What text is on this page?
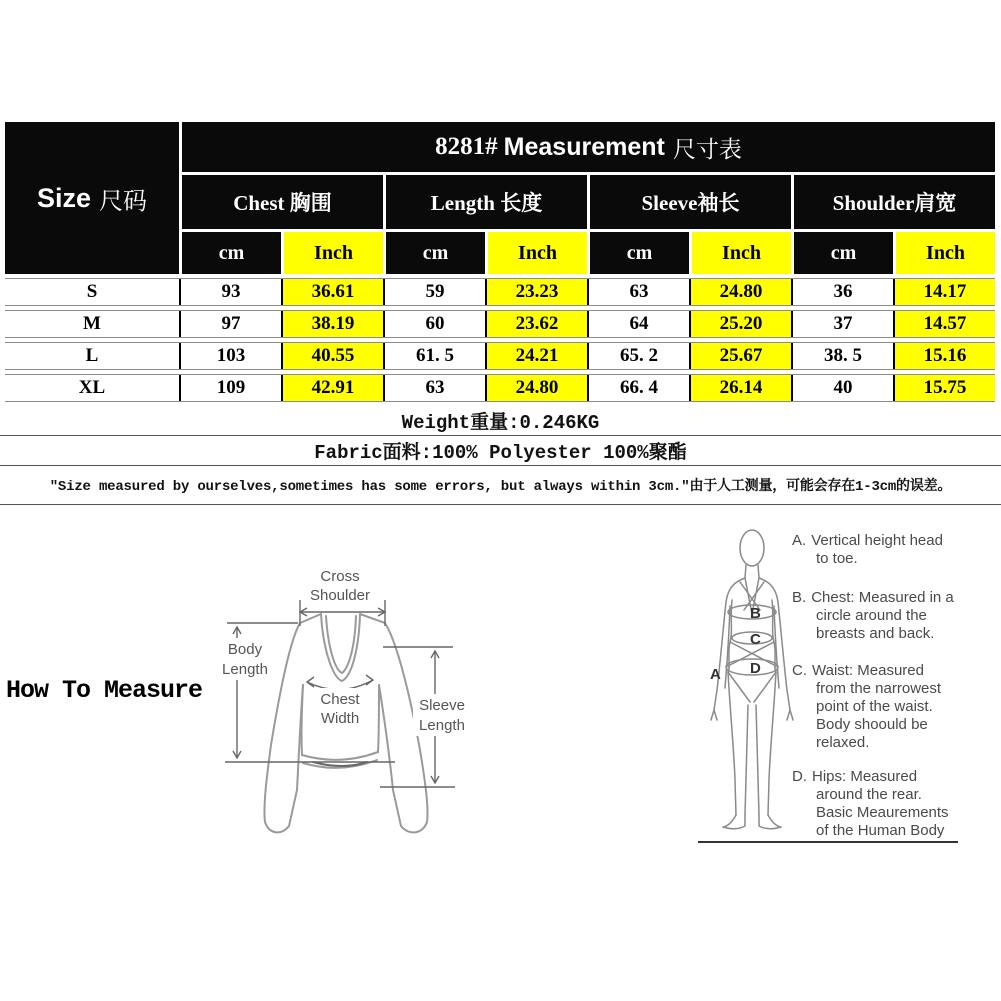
Size 尺码
8281# Measurement 尺寸表
Chest 胸围	Length 长度	Sleeve袖长	Shoulder肩宽
cm	Inch	cm	Inch	cm	Inch	cm	Inch
S	93	36.61	59	23.23	63	24.80	36	14.17
M	97	38.19	60	23.62	64	25.20	37	14.57
L	103	40.55	61. 5	24.21	65. 2	25.67	38. 5	15.16
XL	109	42.91	63	24.80	66. 4	26.14	40	15.75
Weight重量:0.246KG
Fabric面料:100% Polyester 100%聚酯
″Size measured by ourselves,sometimes has some errors, but always within 3cm.″由于人工测量，可能会存在1-3cm的误差。
How To Measure
Cross
Shoulder
Body
Length
Chest
Width
Sleeve
Length
B
C
D
A
A. Vertical height head
to toe.
B. Chest: Measured in a
circle around the
breasts and back.
C. Waist: Measured
from the narrowest
point of the waist.
Body shoould be
relaxed.
D. Hips: Measured
around the rear.
Basic Meaurements
of the Human Body
